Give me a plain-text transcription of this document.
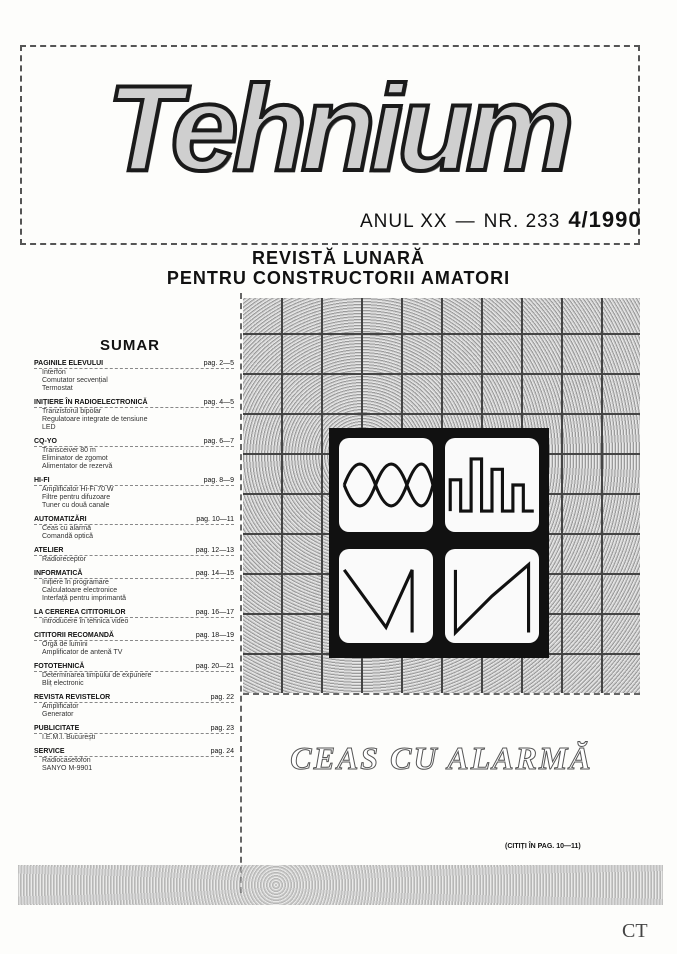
Tehnium
ANUL XX — NR. 233 4/1990
REVISTĂ LUNARĂ
PENTRU CONSTRUCTORII AMATORI
SUMAR
PAGINILE ELEVULUI	pag. 2—5
Interfon
Comutator secvențial
Termostat
INIȚIERE ÎN RADIOELECTRONICĂ	pag. 4—5
Tranzistorul bipolar
Regulatoare integrate de tensiune
LED
CQ-YO	pag. 6—7
Transceiver 80 m
Eliminator de zgomot
Alimentator de rezervă
HI-FI	pag. 8—9
Amplificator Hi-Fi 70 W
Filtre pentru difuzoare
Tuner cu două canale
AUTOMATIZĂRI	pag. 10—11
Ceas cu alarmă
Comandă optică
ATELIER	pag. 12—13
Radioreceptor
INFORMATICĂ	pag. 14—15
Inițiere în programare
Calculatoare electronice
Interfață pentru imprimantă
LA CEREREA CITITORILOR	pag. 16—17
Introducere în tehnica video
CITITORII RECOMANDĂ	pag. 18—19
Orgă de lumini
Amplificator de antenă TV
FOTOTEHNICĂ	pag. 20—21
Determinarea timpului de expunere
Bliț electronic
REVISTA REVISTELOR	pag. 22
Amplificator
Generator
PUBLICITATE	pag. 23
I.E.M.I. București
SERVICE	pag. 24
Radiocasetofon
SANYO M-9901	CEAS CU ALARMĂ
(CITIȚI ÎN PAG. 10—11)
CT
